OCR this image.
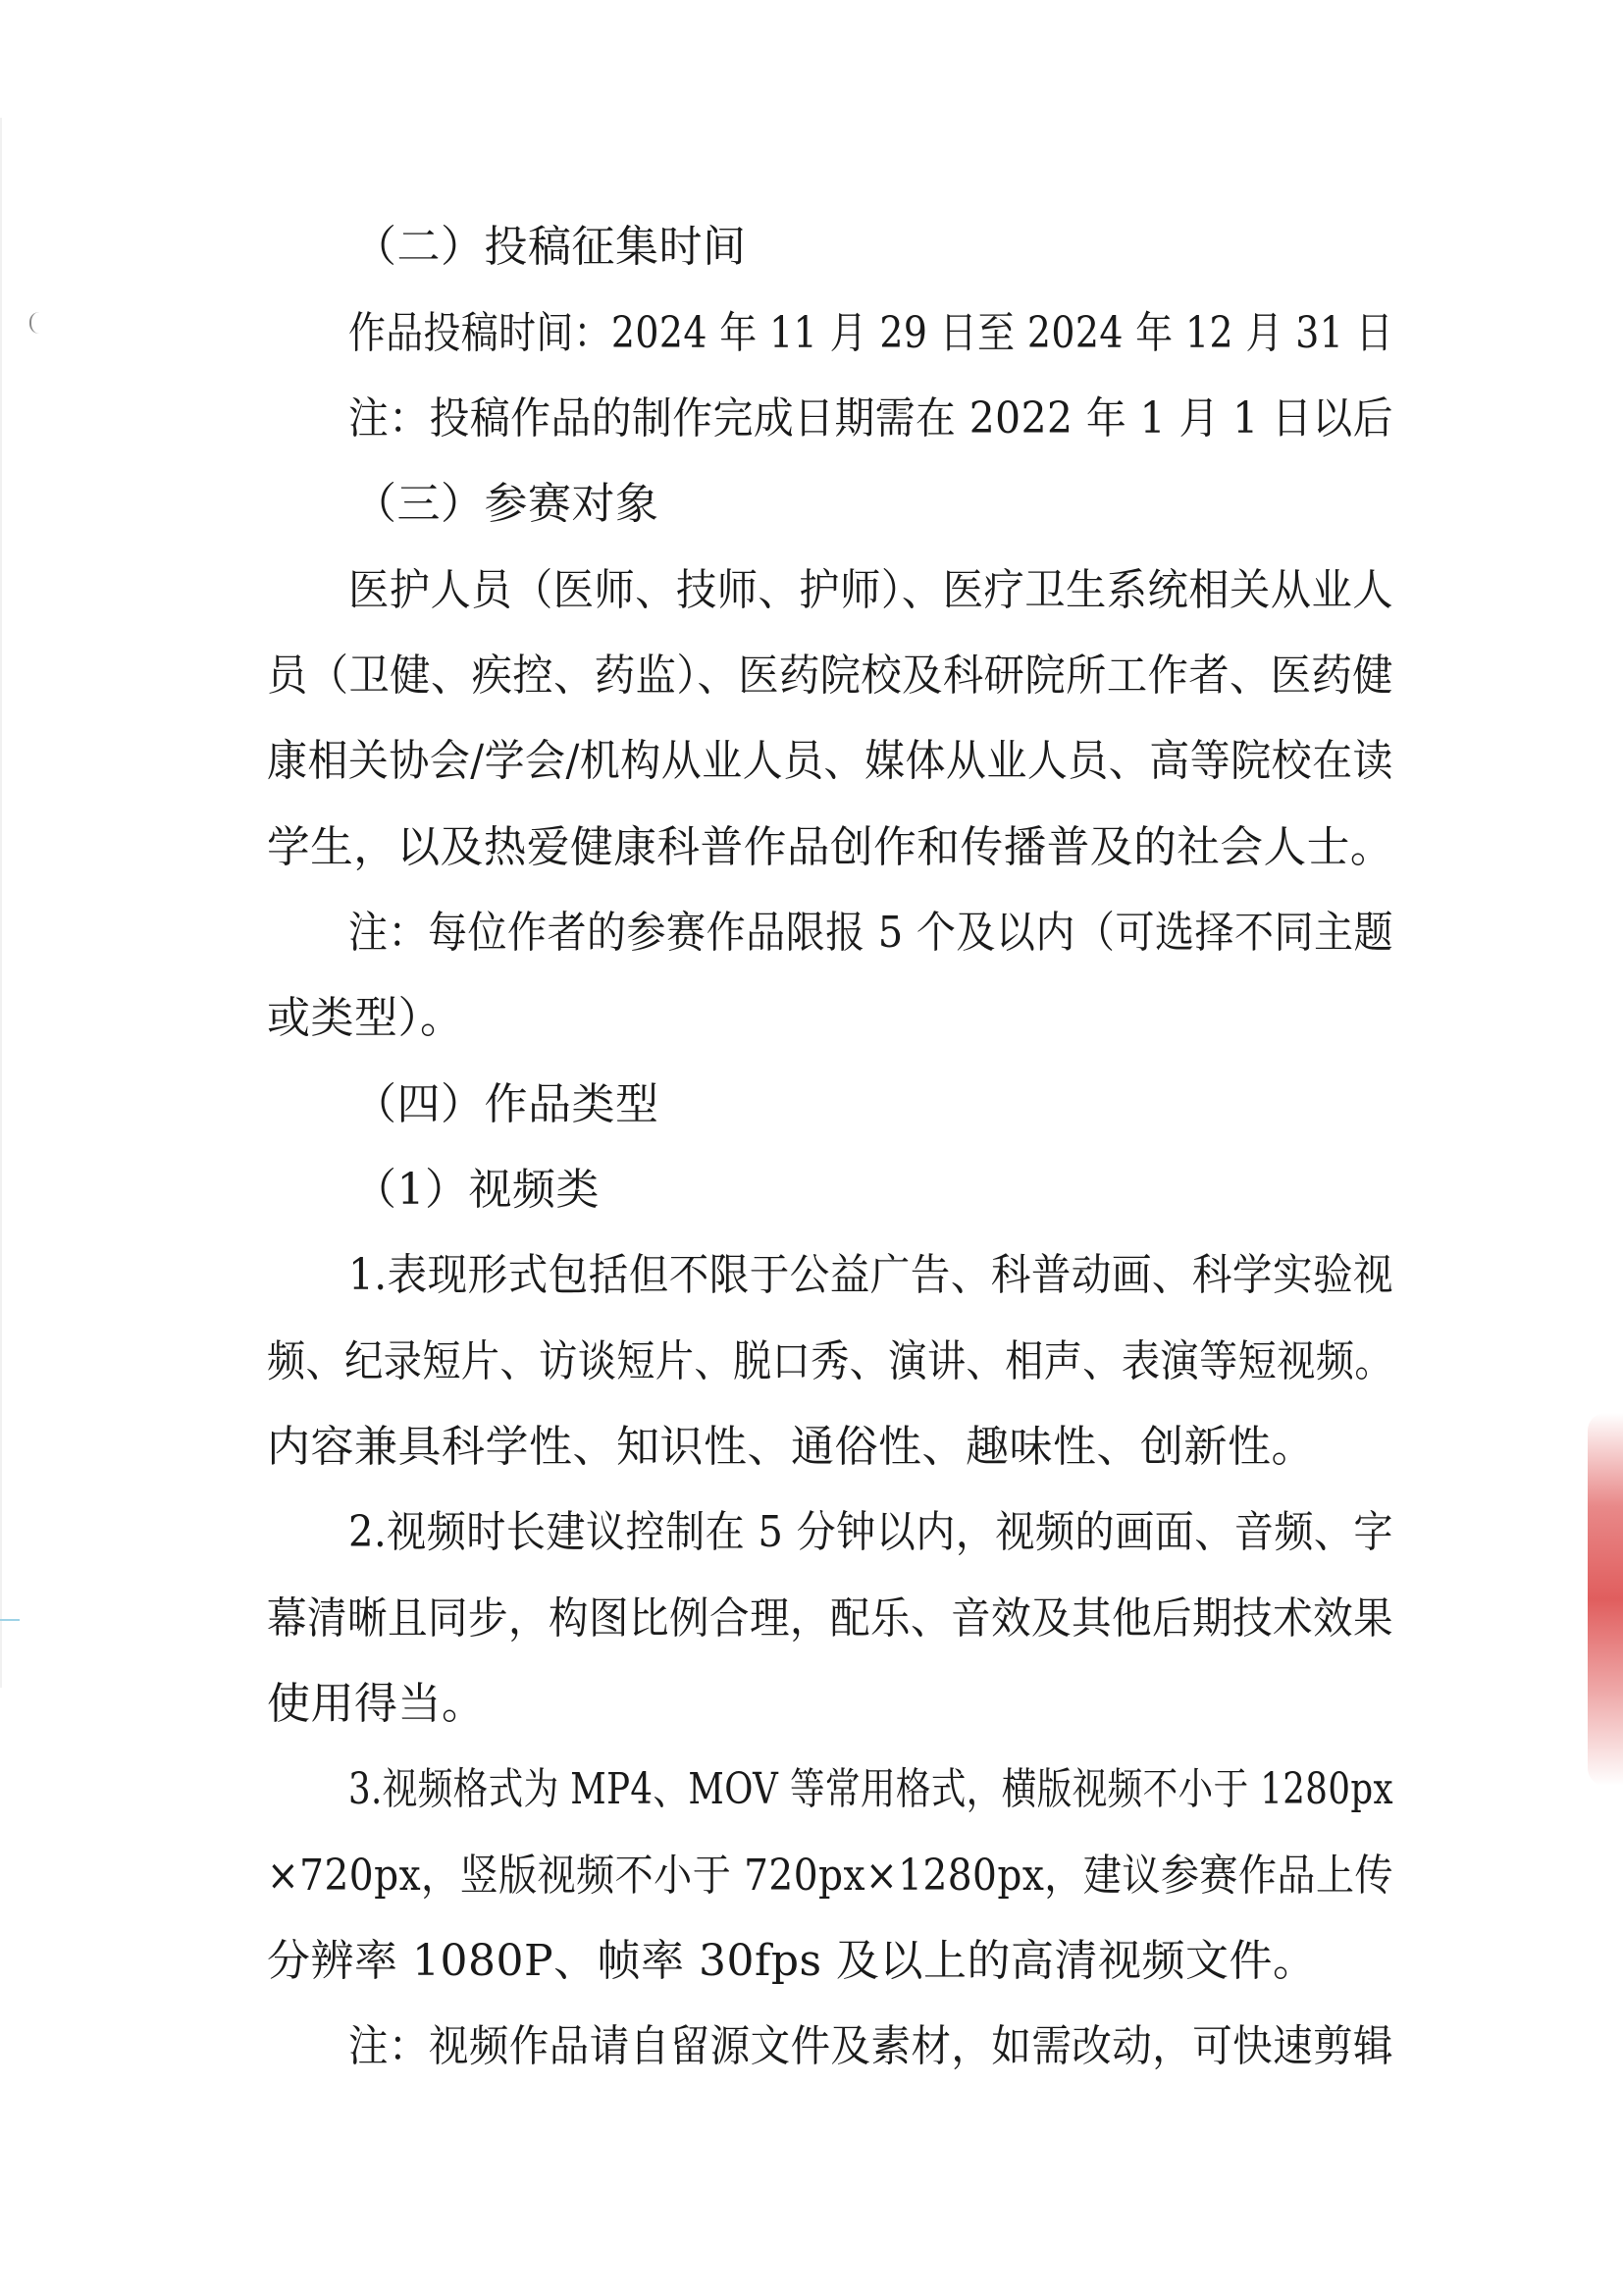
（二）投稿征集时间
作品投稿时间：2024 年 11 月 29 日至 2024 年 12 月 31 日
注：投稿作品的制作完成日期需在 2022 年 1 月 1 日以后
（三）参赛对象
医护人员（医师、技师、护师）、医疗卫生系统相关从业人
员（卫健、疾控、药监）、医药院校及科研院所工作者、医药健
康相关协会/学会/机构从业人员、媒体从业人员、高等院校在读
学生，以及热爱健康科普作品创作和传播普及的社会人士。
注：每位作者的参赛作品限报 5 个及以内（可选择不同主题
或类型）。
（四）作品类型
（1）视频类
1.表现形式包括但不限于公益广告、科普动画、科学实验视
频、纪录短片、访谈短片、脱口秀、演讲、相声、表演等短视频。
内容兼具科学性、知识性、通俗性、趣味性、创新性。
2.视频时长建议控制在 5 分钟以内，视频的画面、音频、字
幕清晰且同步，构图比例合理，配乐、音效及其他后期技术效果
使用得当。
3.视频格式为 MP4、MOV 等常用格式，横版视频不小于 1280px
×720px，竖版视频不小于 720px×1280px，建议参赛作品上传
分辨率 1080P、帧率 30fps 及以上的高清视频文件。
注：视频作品请自留源文件及素材，如需改动，可快速剪辑
